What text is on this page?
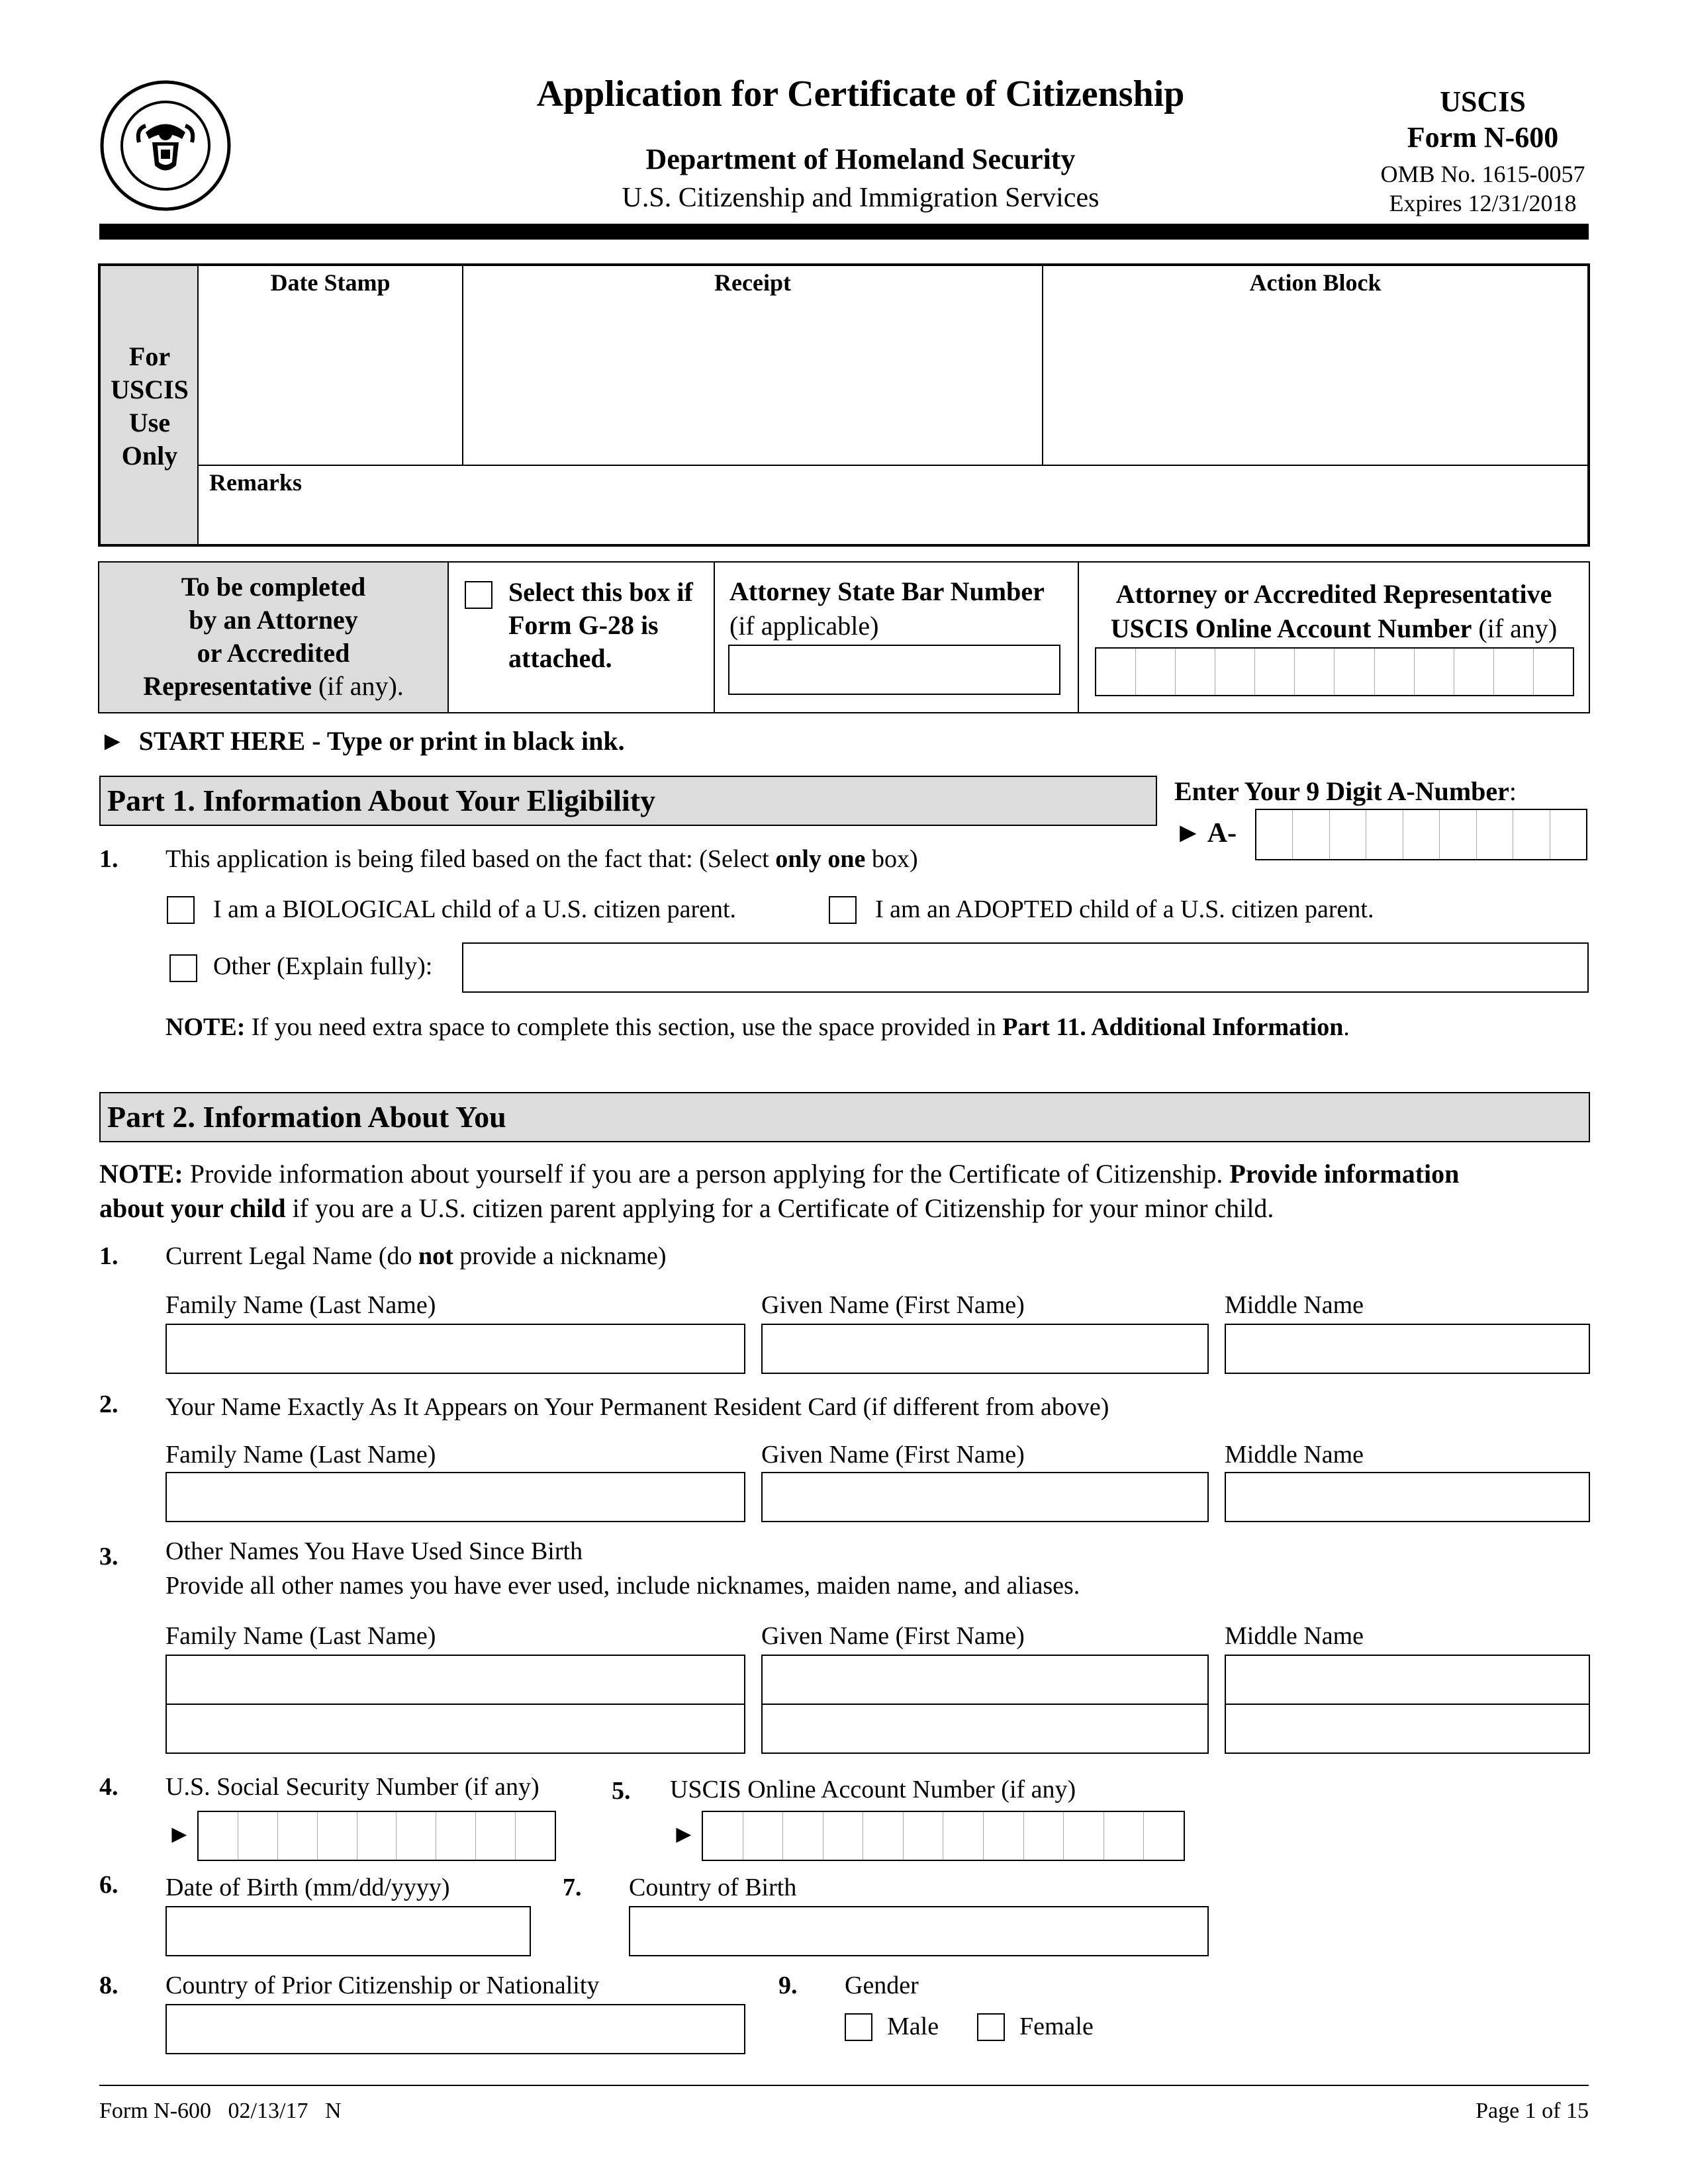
Application for Certificate of Citizenship
Department of Homeland Security
U.S. Citizenship and Immigration Services
USCIS
Form N-600
OMB No. 1615-0057
Expires 12/31/2018
For
USCIS
Use
Only
Date Stamp	Receipt	Action Block
Remarks
To be completed
by an Attorney
or Accredited
Representative (if any).
Select this box if
Form G-28 is
attached.
Attorney State Bar Number
(if applicable)
Attorney or Accredited Representative
USCIS Online Account Number (if any)
► START HERE - Type or print in black ink.
Part 1. Information About Your Eligibility	Enter Your 9 Digit A-Number:
► A-
1. This application is being filed based on the fact that: (Select only one box)
I am a BIOLOGICAL child of a U.S. citizen parent.	I am an ADOPTED child of a U.S. citizen parent.
Other (Explain fully):
NOTE: If you need extra space to complete this section, use the space provided in Part 11. Additional Information.
Part 2. Information About You
NOTE: Provide information about yourself if you are a person applying for the Certificate of Citizenship. Provide information
about your child if you are a U.S. citizen parent applying for a Certificate of Citizenship for your minor child.
1. Current Legal Name (do not provide a nickname)
Family Name (Last Name)	Given Name (First Name)	Middle Name
2. Your Name Exactly As It Appears on Your Permanent Resident Card (if different from above)
Family Name (Last Name)	Given Name (First Name)	Middle Name
3. Other Names You Have Used Since Birth
Provide all other names you have ever used, include nicknames, maiden name, and aliases.
Family Name (Last Name)	Given Name (First Name)	Middle Name
4. U.S. Social Security Number (if any)
►
5. USCIS Online Account Number (if any)
►
6. Date of Birth (mm/dd/yyyy)	7. Country of Birth
8. Country of Prior Citizenship or Nationality	9. Gender
Male	Female
Form N-600   02/13/17   N	Page 1 of 15
